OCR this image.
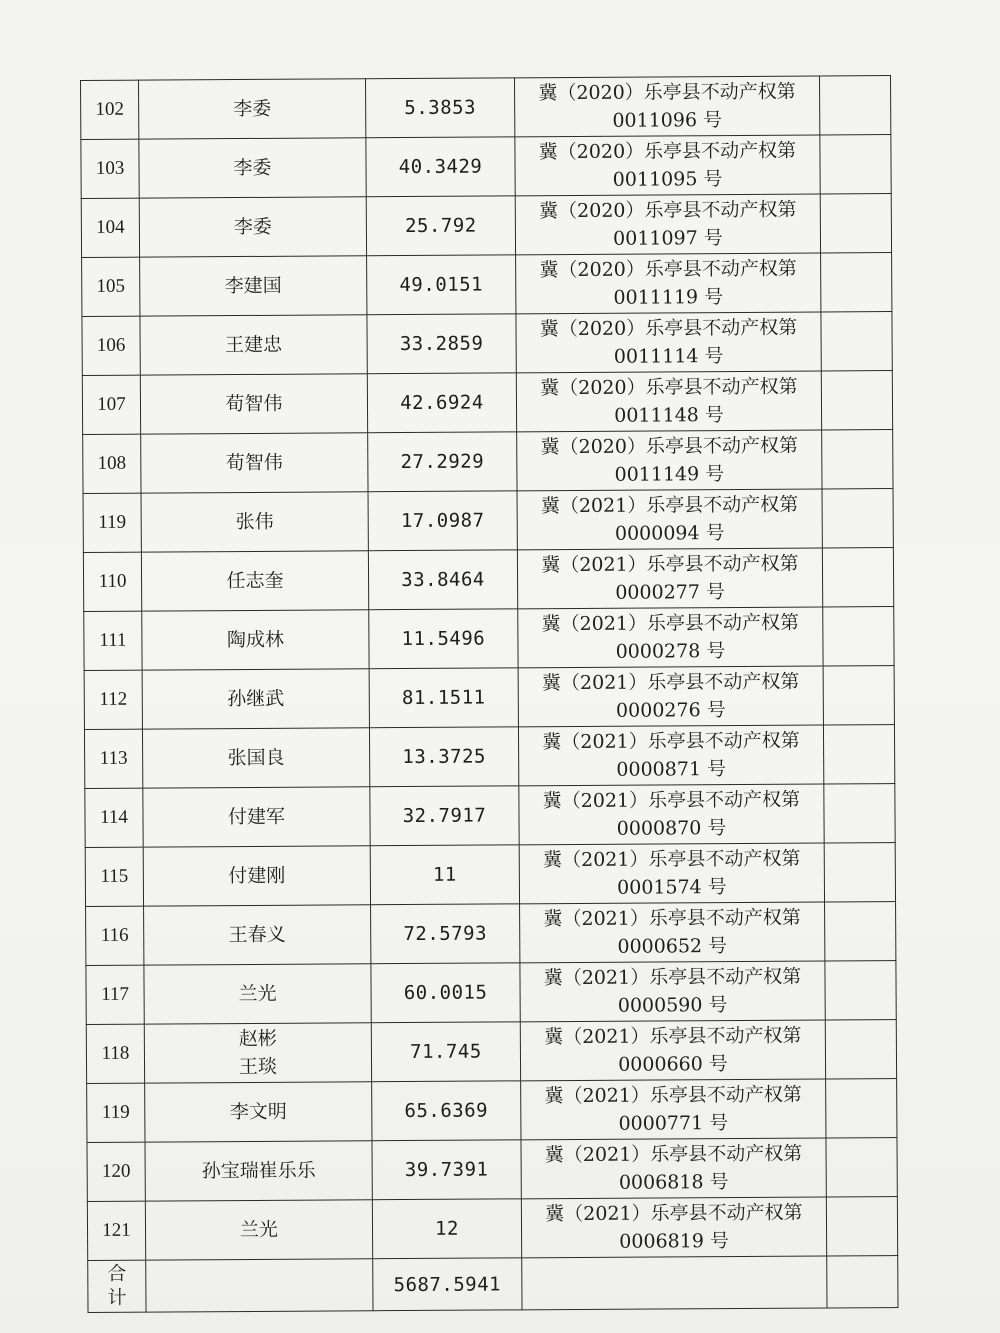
102	李委	5.3853	冀（2020）乐亭县不动产权第
0011096 号	

103	李委	40.3429	冀（2020）乐亭县不动产权第
0011095 号	

104	李委	25.792	冀（2020）乐亭县不动产权第
0011097 号	

105	李建国	49.0151	冀（2020）乐亭县不动产权第
0011119 号	

106	王建忠	33.2859	冀（2020）乐亭县不动产权第
0011114 号	

107	荀智伟	42.6924	冀（2020）乐亭县不动产权第
0011148 号	

108	荀智伟	27.2929	冀（2020）乐亭县不动产权第
0011149 号	

119	张伟	17.0987	冀（2021）乐亭县不动产权第
0000094 号	

110	任志奎	33.8464	冀（2021）乐亭县不动产权第
0000277 号	

111	陶成林	11.5496	冀（2021）乐亭县不动产权第
0000278 号	

112	孙继武	81.1511	冀（2021）乐亭县不动产权第
0000276 号	

113	张国良	13.3725	冀（2021）乐亭县不动产权第
0000871 号	

114	付建军	32.7917	冀（2021）乐亭县不动产权第
0000870 号	

115	付建刚	11	冀（2021）乐亭县不动产权第
0001574 号	

116	王春义	72.5793	冀（2021）乐亭县不动产权第
0000652 号	

117	兰光	60.0015	冀（2021）乐亭县不动产权第
0000590 号	

118	赵彬
王琰	71.745	冀（2021）乐亭县不动产权第
0000660 号	

119	李文明	65.6369	冀（2021）乐亭县不动产权第
0000771 号	

120	孙宝瑞崔乐乐	39.7391	冀（2021）乐亭县不动产权第
0006818 号	

121	兰光	12	冀（2021）乐亭县不动产权第
0006819 号	

合
计		5687.5941		
